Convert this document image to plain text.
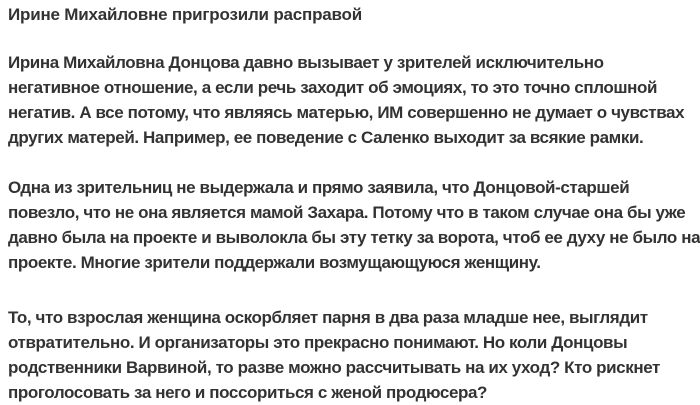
Ирине Михайловне пригрозили расправой

Ирина Михайловна Донцова давно вызывает у зрителей исключительно
негативное отношение, а если речь заходит об эмоциях, то это точно сплошной
негатив. А все потому, что являясь матерью, ИМ совершенно не думает о чувствах
других матерей. Например, ее поведение с Саленко выходит за всякие рамки.

Одна из зрительниц не выдержала и прямо заявила, что Донцовой-старшей
повезло, что не она является мамой Захара. Потому что в таком случае она бы уже
давно была на проекте и выволокла бы эту тетку за ворота, чтоб ее духу не было на
проекте. Многие зрители поддержали возмущающуюся женщину.

То, что взрослая женщина оскорбляет парня в два раза младше нее, выглядит
отвратительно. И организаторы это прекрасно понимают. Но коли Донцовы
родственники Варвиной, то разве можно рассчитывать на их уход? Кто рискнет
проголосовать за него и поссориться с женой продюсера?
